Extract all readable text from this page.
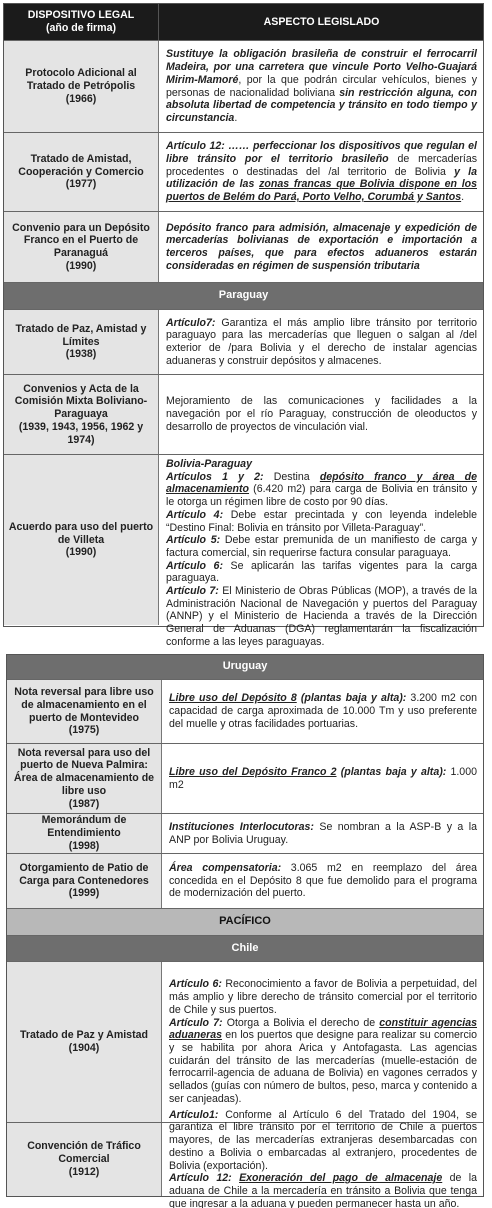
DISPOSITIVO LEGAL
(año de firma)
ASPECTO LEGISLADO
Protocolo Adicional al Tratado de Petrópolis
(1966)

Sustituye la obligación brasileña de construir el ferrocarril Madeira, por una carretera que vincule Porto Velho-Guajará Mirim-Mamoré, por la que podrán circular vehículos, bienes y personas de nacionalidad boliviana sin restricción alguna, con absoluta libertad de competencia y tránsito en todo tiempo y circunstancia.

Tratado de Amistad, Cooperación y Comercio
(1977)

Artículo 12: …… perfeccionar los dispositivos que regulan el libre tránsito por el territorio brasileño de mercaderías procedentes o destinadas del /al territorio de Bolivia y la utilización de las zonas francas que Bolivia dispone en los puertos de Belém do Pará, Porto Velho, Corumbá y Santos.

Convenio para un Depósito Franco en el Puerto de Paranaguá
(1990)

Depósito franco para admisión, almacenaje y expedición de mercaderías bolivianas de exportación e importación a terceros países, que para efectos aduaneros estarán consideradas en régimen de suspensión tributaria

Paraguay
Tratado de Paz, Amistad y Límites
(1938)

Artículo7: Garantiza el más amplio libre tránsito por territorio paraguayo para las mercaderías que lleguen o salgan al /del exterior de /para Bolivia y el derecho de instalar agencias aduaneras y construir depósitos y almacenes.

Convenios y Acta de la Comisión Mixta Boliviano-Paraguaya
(1939, 1943, 1956, 1962 y 1974)

Mejoramiento de las comunicaciones y facilidades a la navegación por el río Paraguay, construcción de oleoductos y desarrollo de proyectos de vinculación vial.

Acuerdo para uso del puerto de Villeta
(1990)

Bolivia-Paraguay

Artículos 1 y 2: Destina depósito franco y área de almacenamiento (6.420 m2) para carga de Bolivia en tránsito y le otorga un régimen libre de costo por 90 días.

Artículo 4: Debe estar precintada y con leyenda indeleble “Destino Final: Bolivia en tránsito por Villeta-Paraguay”.

Artículo 5: Debe estar premunida de un manifiesto de carga y factura comercial, sin requerirse factura consular paraguaya.

Artículo 6: Se aplicarán las tarifas vigentes para la carga paraguaya.

Artículo 7: El Ministerio de Obras Públicas (MOP), a través de la Administración Nacional de Navegación y puertos del Paraguay (ANNP) y el Ministerio de Hacienda a través de la Dirección General de Aduanas (DGA) reglamentarán la fiscalización conforme a las leyes paraguayas.

Uruguay
Nota reversal para libre uso de almacenamiento en el puerto de Montevideo
(1975)

Libre uso del Depósito 8 (plantas baja y alta): 3.200 m2 con capacidad de carga aproximada de 10.000 Tm y uso preferente del muelle y otras facilidades portuarias.

Nota reversal para uso del puerto de Nueva Palmira: Área de almacenamiento de libre uso
(1987)

Libre uso del Depósito Franco 2 (plantas baja y alta): 1.000 m2

Memorándum de Entendimiento
(1998)

Instituciones Interlocutoras: Se nombran a la ASP-B y a la ANP por Bolivia Uruguay.

Otorgamiento de Patio de Carga para Contenedores
(1999)

Área compensatoria: 3.065 m2 en reemplazo del área concedida en el Depósito 8 que fue demolido para el programa de modernización del puerto.

PACÍFICO
Chile
Tratado de Paz y Amistad
(1904)

Artículo 6: Reconocimiento a favor de Bolivia a perpetuidad, del más amplio y libre derecho de tránsito comercial por el territorio de Chile y sus puertos.

Artículo 7: Otorga a Bolivia el derecho de constituir agencias aduaneras en los puertos que designe para realizar su comercio y se habilita por ahora Arica y Antofagasta. Las agencias cuidarán del tránsito de las mercaderías (muelle-estación de ferrocarril-agencia de aduana de Bolivia) en vagones cerrados y sellados (guías con número de bultos, peso, marca y contenido a ser canjeadas).

Convención de Tráfico Comercial
(1912)

Artículo1: Conforme al Artículo 6 del Tratado del 1904, se garantiza el libre tránsito por el territorio de Chile a puertos mayores, de las mercaderías extranjeras desembarcadas con destino a Bolivia o embarcadas al extranjero, procedentes de Bolivia (exportación).

Artículo 12: Exoneración del pago de almacenaje de la aduana de Chile a la mercadería en tránsito a Bolivia que tenga que ingresar a la aduana y pueden permanecer hasta un año.
